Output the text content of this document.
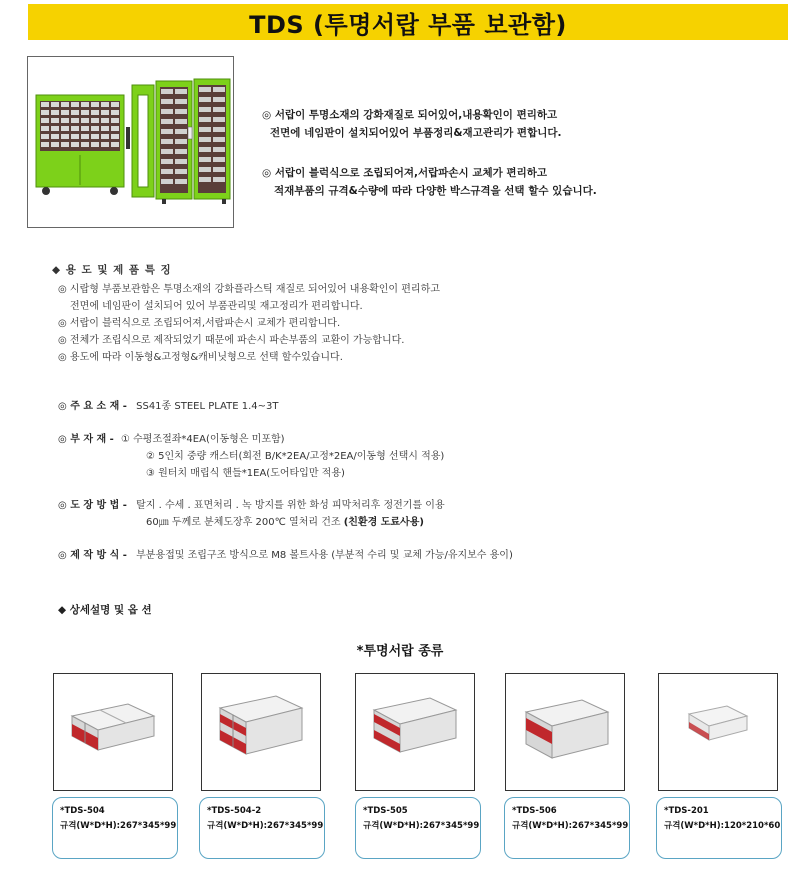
TDS (투명서랍 부품 보관함)

◎ 서랍이 투명소재의 강화재질로 되어있어,내용확인이 편리하고

전면에 네임판이 설치되어있어 부품정리&재고관리가 편합니다.

◎ 서랍이 블럭식으로 조립되어져,서랍파손시 교체가 편리하고

적재부품의 규격&수량에 따라 다양한 박스규격을 선택 할수 있습니다.

◆ 용 도 및 제 품 특 징

◎ 시랍형 부품보관함은 투명소재의 강화플라스틱 재질로 되어있어 내용확인이 편리하고

전면에 네임판이 설치되어 있어 부품관리및 재고정리가 편리합니다.

◎ 서랍이 블럭식으로 조립되어져,서랍파손시 교체가 편리합니다.

◎ 전체가 조립식으로 제작되었기 때문에 파손시 파손부품의 교환이 가능합니다.

◎ 용도에 따라 이동형&고정형&캐비닛형으로 선택 할수있습니다.

◎ 주 요 소 재 - SS41종 STEEL PLATE 1.4~3T

◎ 부 자 재 - ① 수평조절좌*4EA(이동형은 미포함)

② 5인치 중량 캐스터(회전 B/K*2EA/고정*2EA/이동형 선택시 적용)

③ 원터치 매립식 핸들*1EA(도어타입만 적용)

◎ 도 장 방 법 - 탈지 . 수세 . 표면처리 . 녹 방지를 위한 화성 피막처리후 정전기를 이용

60㎛ 두께로 분체도장후 200℃ 열처리 건조 (친환경 도료사용)

◎ 제 작 방 식 - 부분용접및 조립구조 방식으로 M8 볼트사용 (부분적 수리 및 교체 가능/유지보수 용이)
◆ 상세설명 및 옵 션
*투명서랍 종류

*TDS-504

규격(W*D*H):267*345*99

*TDS-504-2

규격(W*D*H):267*345*99

*TDS-505

규격(W*D*H):267*345*99

*TDS-506

규격(W*D*H):267*345*99

*TDS-201

규격(W*D*H):120*210*60
